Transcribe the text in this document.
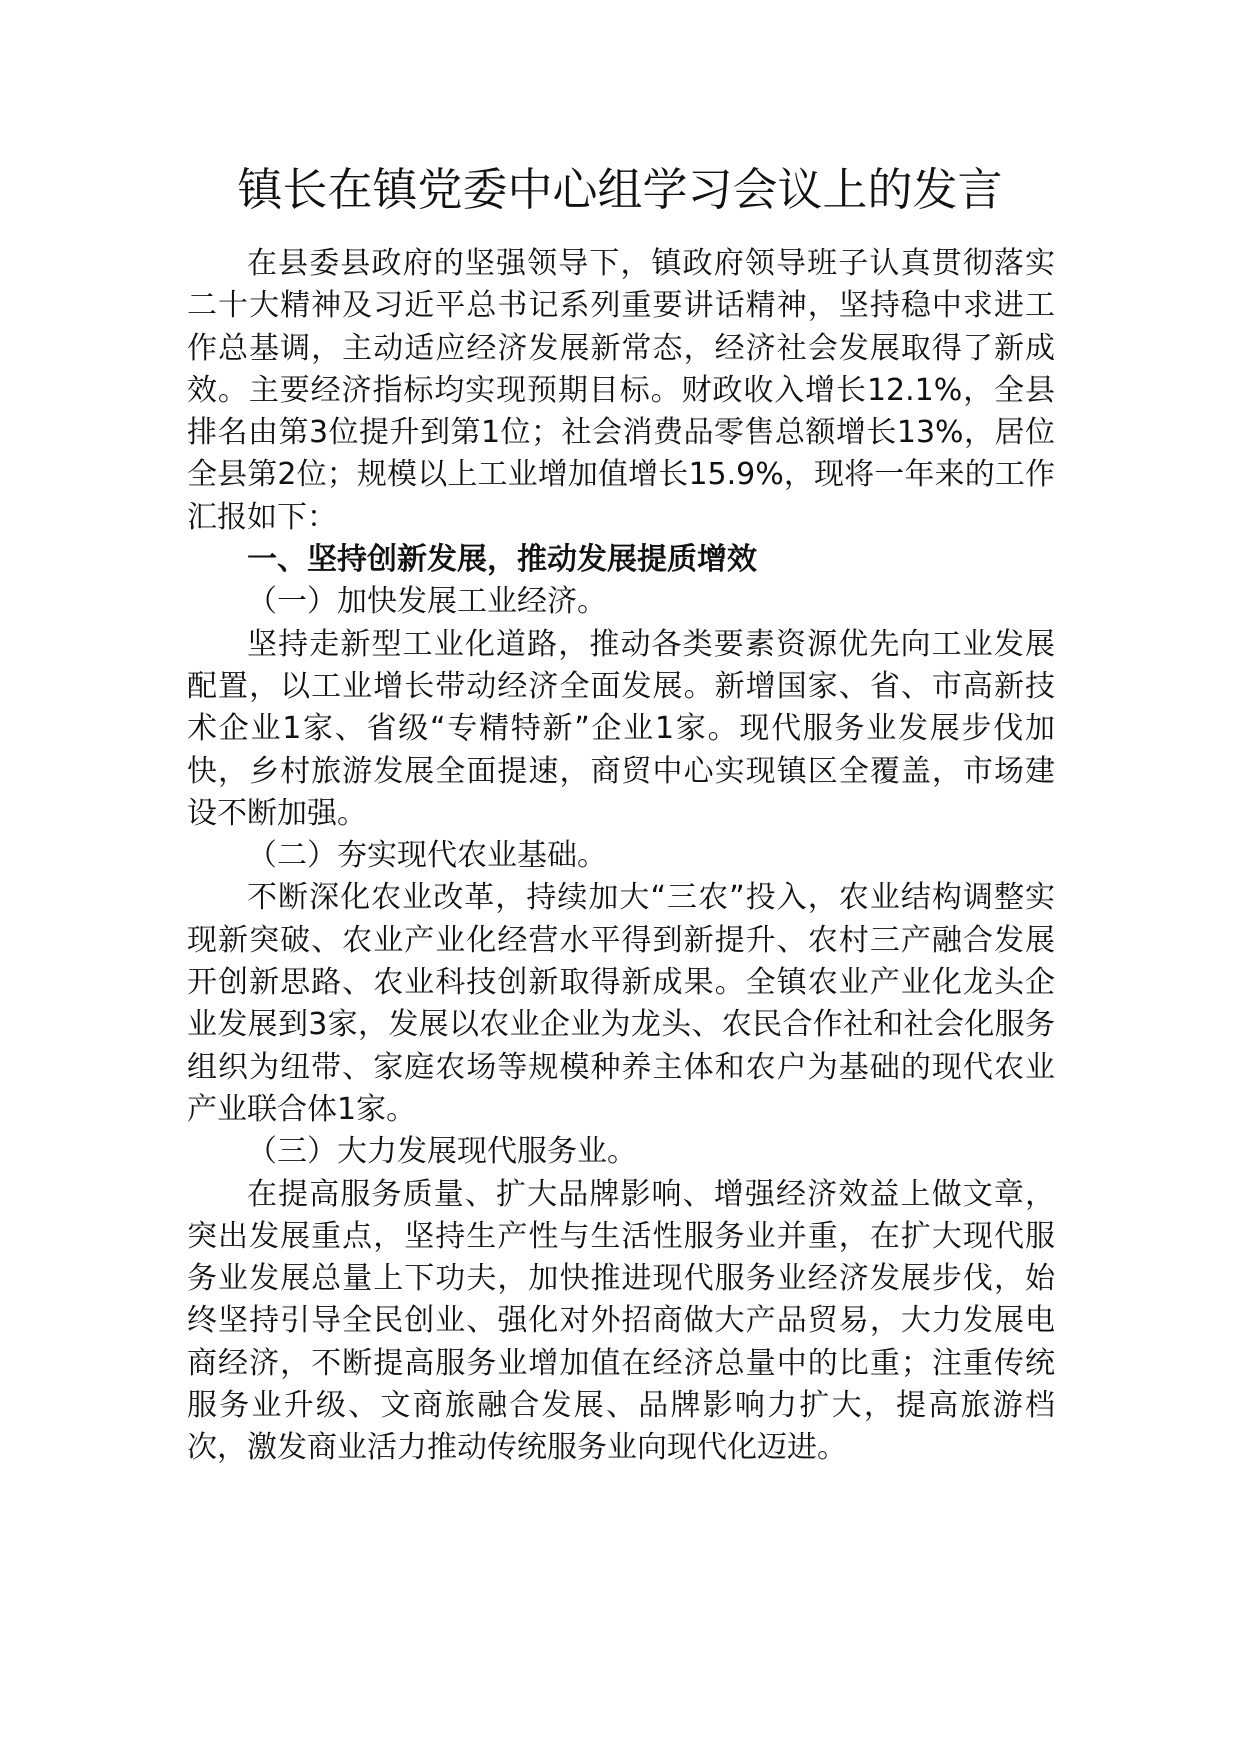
镇长在镇党委中心组学习会议上的发言

在县委县政府的坚强领导下，镇政府领导班子认真贯彻落实二十大精神及习近平总书记系列重要讲话精神，坚持稳中求进工作总基调，主动适应经济发展新常态，经济社会发展取得了新成效。主要经济指标均实现预期目标。财政收入增长12.1%，全县排名由第3位提升到第1位；社会消费品零售总额增长13%，居位全县第2位；规模以上工业增加值增长15.9%，现将一年来的工作汇报如下：

一、坚持创新发展，推动发展提质增效

（一）加快发展工业经济。

坚持走新型工业化道路，推动各类要素资源优先向工业发展配置，以工业增长带动经济全面发展。新增国家、省、市高新技术企业1家、省级“专精特新”企业1家。现代服务业发展步伐加快，乡村旅游发展全面提速，商贸中心实现镇区全覆盖，市场建设不断加强。

（二）夯实现代农业基础。

不断深化农业改革，持续加大“三农”投入，农业结构调整实现新突破、农业产业化经营水平得到新提升、农村三产融合发展开创新思路、农业科技创新取得新成果。全镇农业产业化龙头企业发展到3家，发展以农业企业为龙头、农民合作社和社会化服务组织为纽带、家庭农场等规模种养主体和农户为基础的现代农业产业联合体1家。

（三）大力发展现代服务业。

在提高服务质量、扩大品牌影响、增强经济效益上做文章，突出发展重点，坚持生产性与生活性服务业并重，在扩大现代服务业发展总量上下功夫，加快推进现代服务业经济发展步伐，始终坚持引导全民创业、强化对外招商做大产品贸易，大力发展电商经济，不断提高服务业增加值在经济总量中的比重；注重传统服务业升级、文商旅融合发展、品牌影响力扩大，提高旅游档次，激发商业活力推动传统服务业向现代化迈进。
